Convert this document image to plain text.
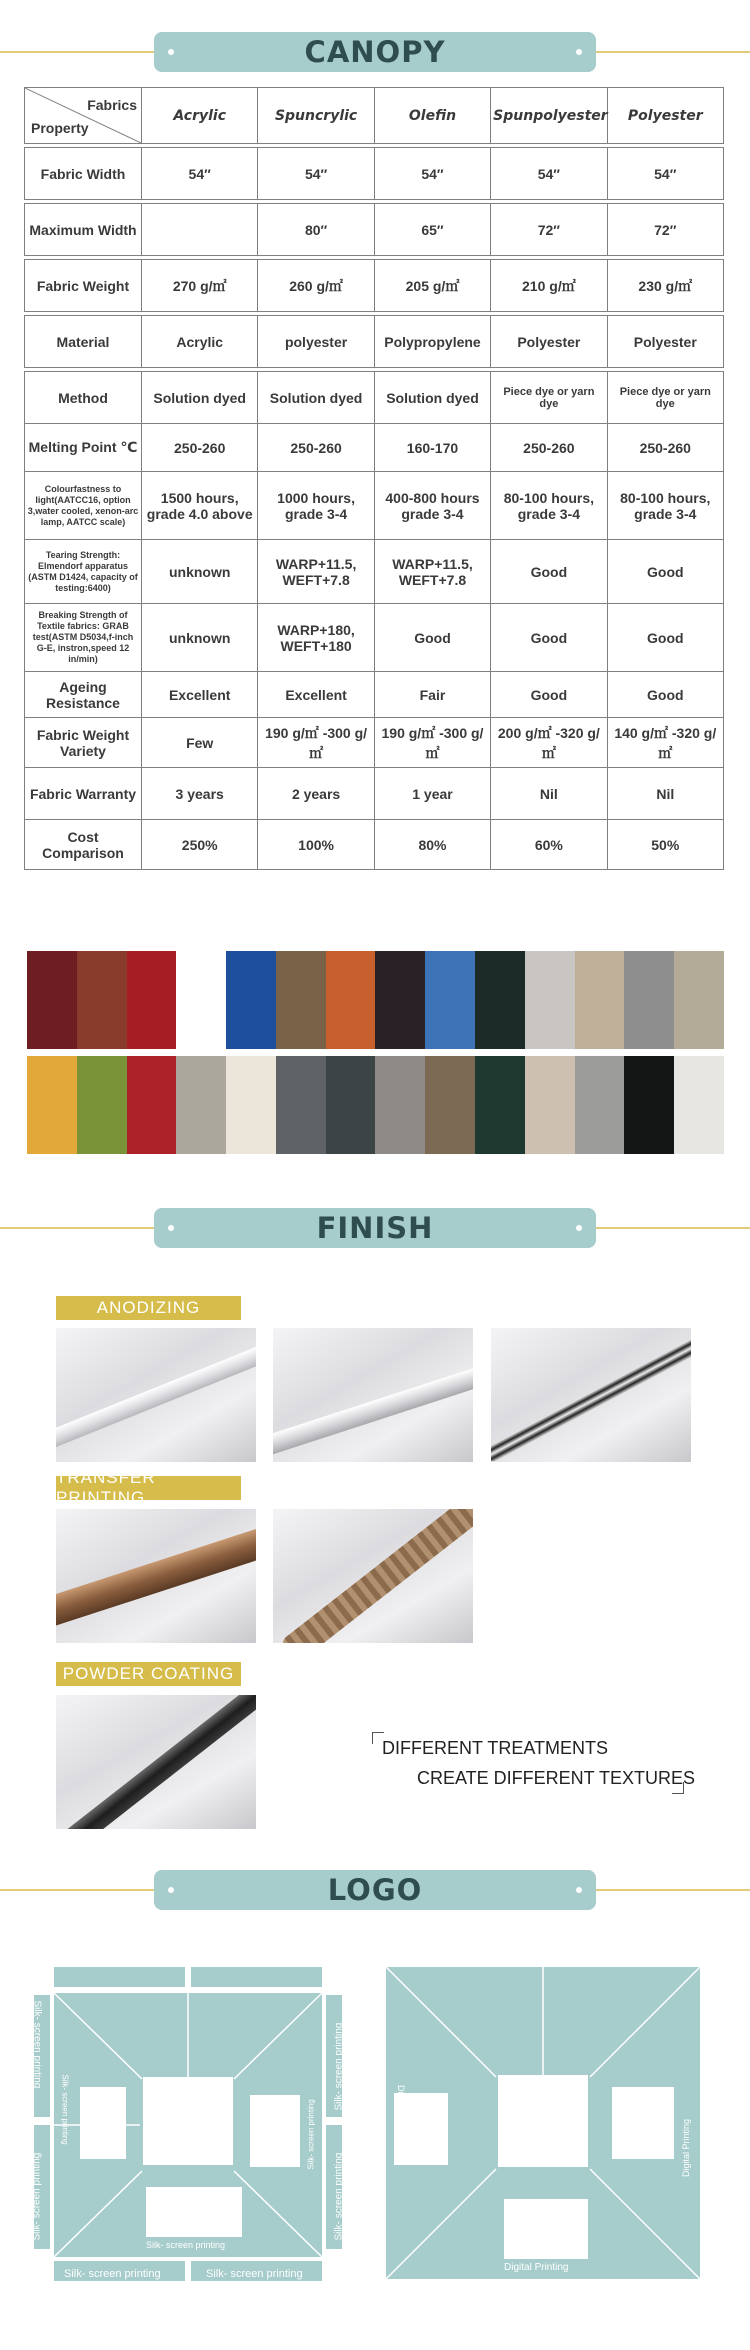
CANOPY
Fabrics
Property	Acrylic	Spuncrylic	Olefin	Spunpolyester	Polyester

Fabric Width	54″	54″	54″	54″	54″

Maximum Width		80″	65″	72″	72″

Fabric Weight	270 g/㎡	260 g/㎡	205 g/㎡	210 g/㎡	230 g/㎡

Material	Acrylic	polyester	Polypropylene	Polyester	Polyester

Method	Solution dyed	Solution dyed	Solution dyed	Piece dye or yarn dye	Piece dye or yarn dye
Melting Point ℃	250-260	250-260	160-170	250-260	250-260
Colourfastness to light(AATCC16, option 3,water cooled, xenon-arc lamp, AATCC scale)	1500 hours, grade 4.0 above	1000 hours, grade 3-4	400-800 hours grade 3-4	80-100 hours, grade 3-4	80-100 hours, grade 3-4
Tearing Strength: Elmendorf apparatus (ASTM D1424, capacity of testing:6400)	unknown	WARP+11.5, WEFT+7.8	WARP+11.5, WEFT+7.8	Good	Good
Breaking Strength of Textile fabrics: GRAB test(ASTM D5034,f-inch G-E, instron,speed 12 in/min)	unknown	WARP+180, WEFT+180	Good	Good	Good
Ageing Resistance	Excellent	Excellent	Fair	Good	Good
Fabric Weight Variety	Few	190 g/㎡ -300 g/㎡	190 g/㎡ -300 g/㎡	200 g/㎡ -320 g/㎡	140 g/㎡ -320 g/㎡
Fabric Warranty	3 years	2 years	1 year	Nil	Nil
Cost Comparison	250%	100%	80%	60%	50%
FINISH
ANODIZING
TRANSFER PRINTING
POWDER COATING
DIFFERENT TREATMENTS
CREATE DIFFERENT TEXTURES
LOGO
Silk- screen printing	Silk- screen printing
Silk- screen printing
Silk- screen printing
Silk- screen printing
Silk- screen printing	Silk- screen printing
Silk- screen printing
Silk- screen printing
Digital Printing
Digital Printing
Digital Printing
